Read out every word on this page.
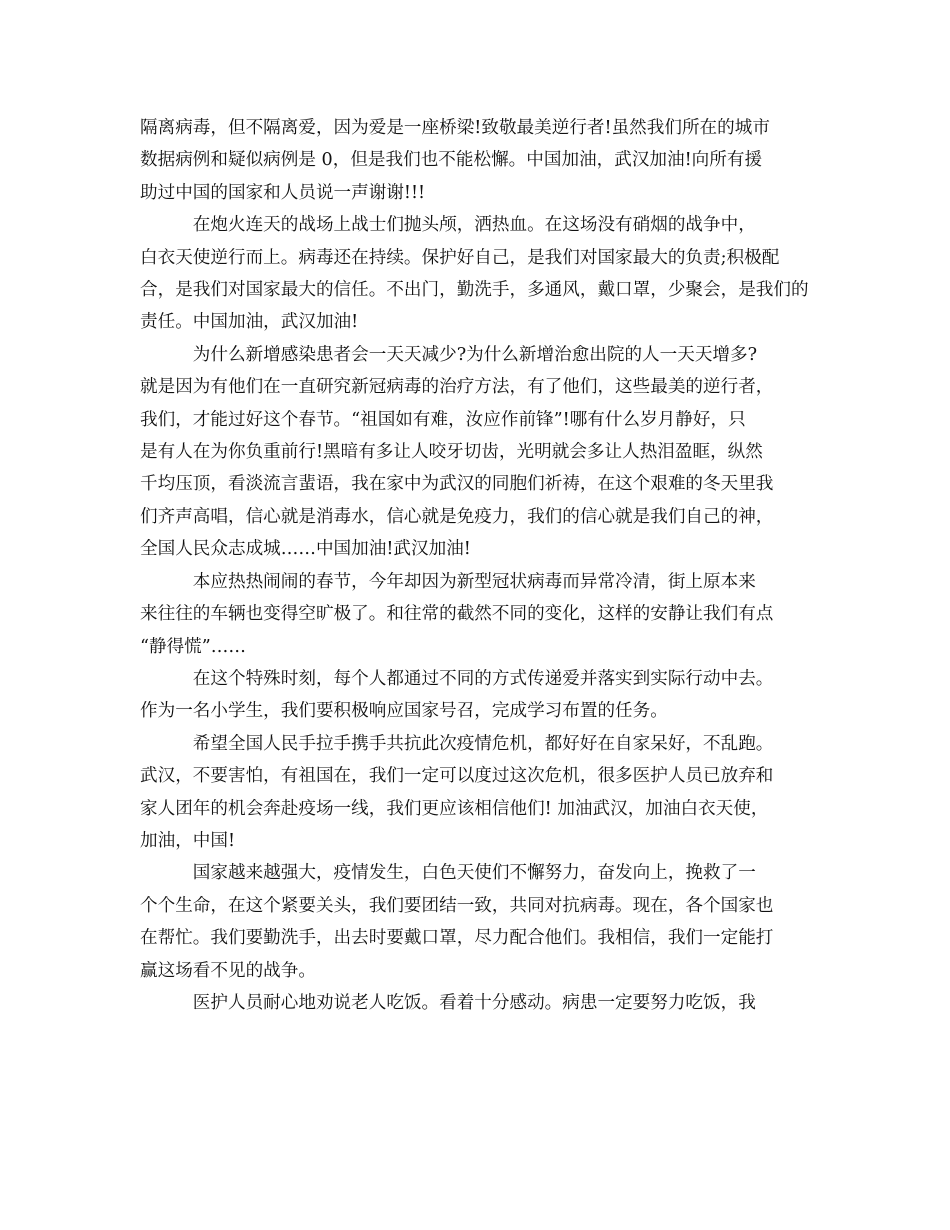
隔离病毒，但不隔离爱，因为爱是一座桥梁!致敬最美逆行者!虽然我们所在的城市
数据病例和疑似病例是 0，但是我们也不能松懈。中国加油，武汉加油!向所有援
助过中国的国家和人员说一声谢谢!!!

　　　在炮火连天的战场上战士们抛头颅，洒热血。在这场没有硝烟的战争中，
白衣天使逆行而上。病毒还在持续。保护好自己，是我们对国家最大的负责;积极配
合，是我们对国家最大的信任。不出门，勤洗手，多通风，戴口罩，少聚会，是我们的
责任。中国加油，武汉加油!

　　　为什么新增感染患者会一天天减少?为什么新增治愈出院的人一天天增多?
就是因为有他们在一直研究新冠病毒的治疗方法，有了他们，这些最美的逆行者，
我们，才能过好这个春节。“祖国如有难，汝应作前锋”!哪有什么岁月静好，只
是有人在为你负重前行!黑暗有多让人咬牙切齿，光明就会多让人热泪盈眶，纵然
千均压顶，看淡流言蜚语，我在家中为武汉的同胞们祈祷，在这个艰难的冬天里我
们齐声高唱，信心就是消毒水，信心就是免疫力，我们的信心就是我们自己的神，
全国人民众志成城……中国加油!武汉加油!

　　　本应热热闹闹的春节，今年却因为新型冠状病毒而异常冷清，街上原本来
来往往的车辆也变得空旷极了。和往常的截然不同的变化，这样的安静让我们有点
“静得慌”……

　　　在这个特殊时刻，每个人都通过不同的方式传递爱并落实到实际行动中去。
作为一名小学生，我们要积极响应国家号召，完成学习布置的任务。

　　　希望全国人民手拉手携手共抗此次疫情危机，都好好在自家呆好，不乱跑。
武汉，不要害怕，有祖国在，我们一定可以度过这次危机，很多医护人员已放弃和
家人团年的机会奔赴疫场一线，我们更应该相信他们! 加油武汉，加油白衣天使，
加油，中国!

　　　国家越来越强大，疫情发生，白色天使们不懈努力，奋发向上，挽救了一
个个生命，在这个紧要关头，我们要团结一致，共同对抗病毒。现在，各个国家也
在帮忙。我们要勤洗手，出去时要戴口罩，尽力配合他们。我相信，我们一定能打
赢这场看不见的战争。

　　　医护人员耐心地劝说老人吃饭。看着十分感动。病患一定要努力吃饭，我
